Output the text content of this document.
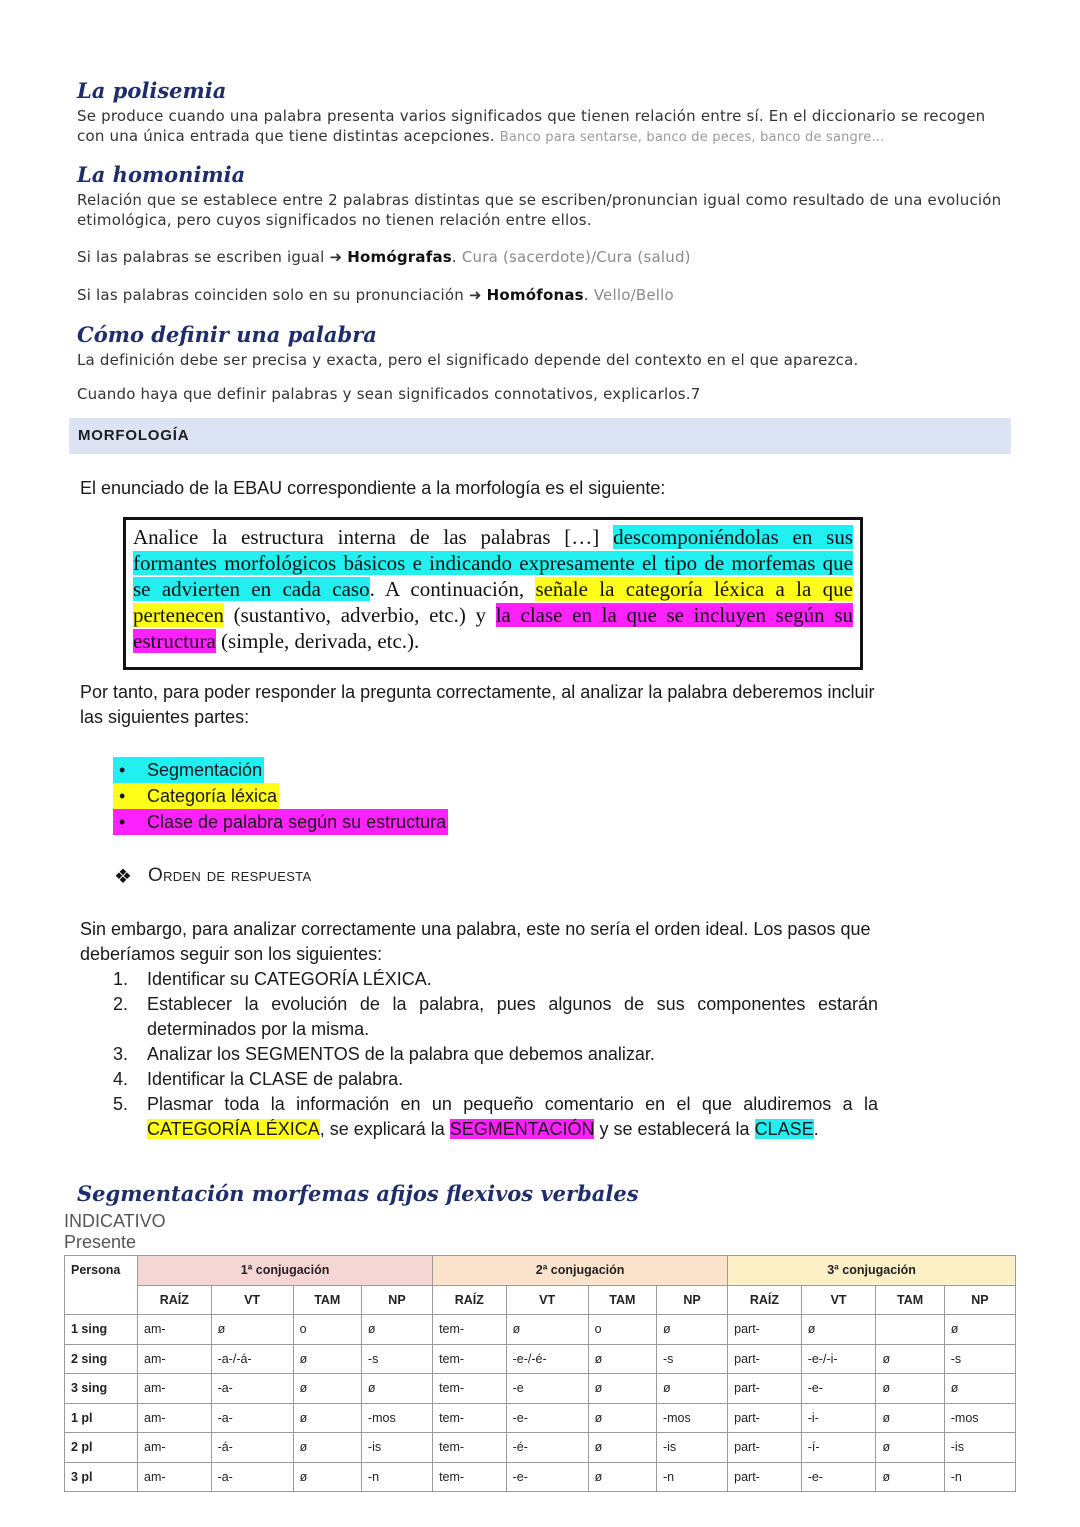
La polisemia
Se produce cuando una palabra presenta varios significados que tienen relación entre sí. En el diccionario se recogen con una única entrada que tiene distintas acepciones. Banco para sentarse, banco de peces, banco de sangre...
La homonimia
Relación que se establece entre 2 palabras distintas que se escriben/pronuncian igual como resultado de una evolución etimológica, pero cuyos significados no tienen relación entre ellos.
Si las palabras se escriben igual ➜ Homógrafas. Cura (sacerdote)/Cura (salud)
Si las palabras coinciden solo en su pronunciación ➜ Homófonas. Vello/Bello
Cómo definir una palabra
La definición debe ser precisa y exacta, pero el significado depende del contexto en el que aparezca.
Cuando haya que definir palabras y sean significados connotativos, explicarlos.7
MORFOLOGÍA
El enunciado de la EBAU correspondiente a la morfología es el siguiente:
Analice la estructura interna de las palabras […] descomponiéndolas en sus formantes morfológicos básicos e indicando expresamente el tipo de morfemas que se advierten en cada caso. A continuación, señale la categoría léxica a la que pertenecen (sustantivo, adverbio, etc.) y la clase en la que se incluyen según su estructura (simple, derivada, etc.).
Por tanto, para poder responder la pregunta correctamente, al analizar la palabra deberemos incluir las siguientes partes:
•	Segmentación
•	Categoría léxica
•	Clase de palabra según su estructura
❖ Orden de respuesta
Sin embargo, para analizar correctamente una palabra, este no sería el orden ideal. Los pasos que deberíamos seguir son los siguientes:
1.	Identificar su CATEGORÍA LÉXICA.
2.	Establecer la evolución de la palabra, pues algunos de sus componentes estarán determinados por la misma.
3.	Analizar los SEGMENTOS de la palabra que debemos analizar.
4.	Identificar la CLASE de palabra.
5.	Plasmar toda la información en un pequeño comentario en el que aludiremos a la CATEGORÍA LÉXICA, se explicará la SEGMENTACIÓN y se establecerá la CLASE.
Segmentación morfemas afijos flexivos verbales
INDICATIVO
Presente
Persona	1ª conjugación				2ª conjugación				3ª conjugación			
	RAÍZ	VT	TAM	NP	RAÍZ	VT	TAM	NP	RAÍZ	VT	TAM	NP
1 sing	am-	ø	o	ø	tem-	ø	o	ø	part-	ø		ø
2 sing	am-	-a-/-á-	ø	-s	tem-	-e-/-é-	ø	-s	part-	-e-/-i-	ø	-s
3 sing	am-	-a-	ø	ø	tem-	-e	ø	ø	part-	-e-	ø	ø
1 pl	am-	-a-	ø	-mos	tem-	-e-	ø	-mos	part-	-i-	ø	-mos
2 pl	am-	-á-	ø	-is	tem-	-é-	ø	-is	part-	-í-	ø	-is
3 pl	am-	-a-	ø	-n	tem-	-e-	ø	-n	part-	-e-	ø	-n
